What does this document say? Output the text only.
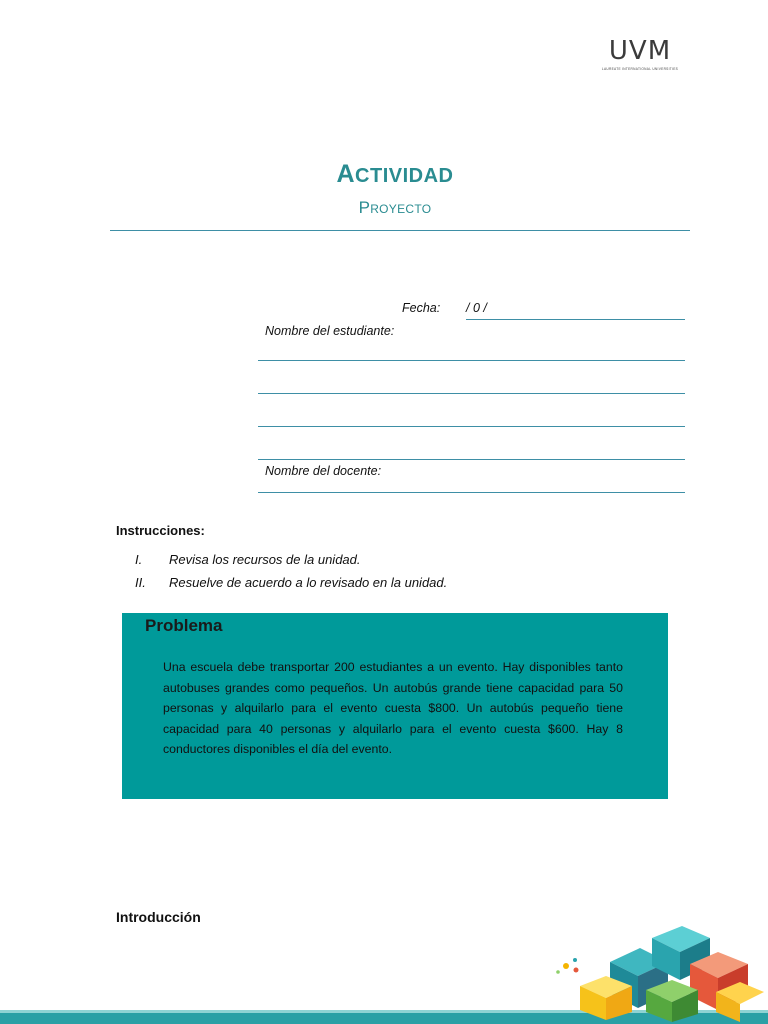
UVM
LAUREATE INTERNATIONAL UNIVERSITIES
ACTIVIDAD
PROYECTO
Fecha: / 0 /
Nombre del estudiante:
Nombre del docente:
Instrucciones:
I. Revisa los recursos de la unidad.
II. Resuelve de acuerdo a lo revisado en la unidad.
Problema
Una escuela debe transportar 200 estudiantes a un evento. Hay disponibles tanto autobuses grandes como pequeños. Un autobús grande tiene capacidad para 50 personas y alquilarlo para el evento cuesta $800. Un autobús pequeño tiene capacidad para 40 personas y alquilarlo para el evento cuesta $600. Hay 8 conductores disponibles el día del evento.
Introducción
